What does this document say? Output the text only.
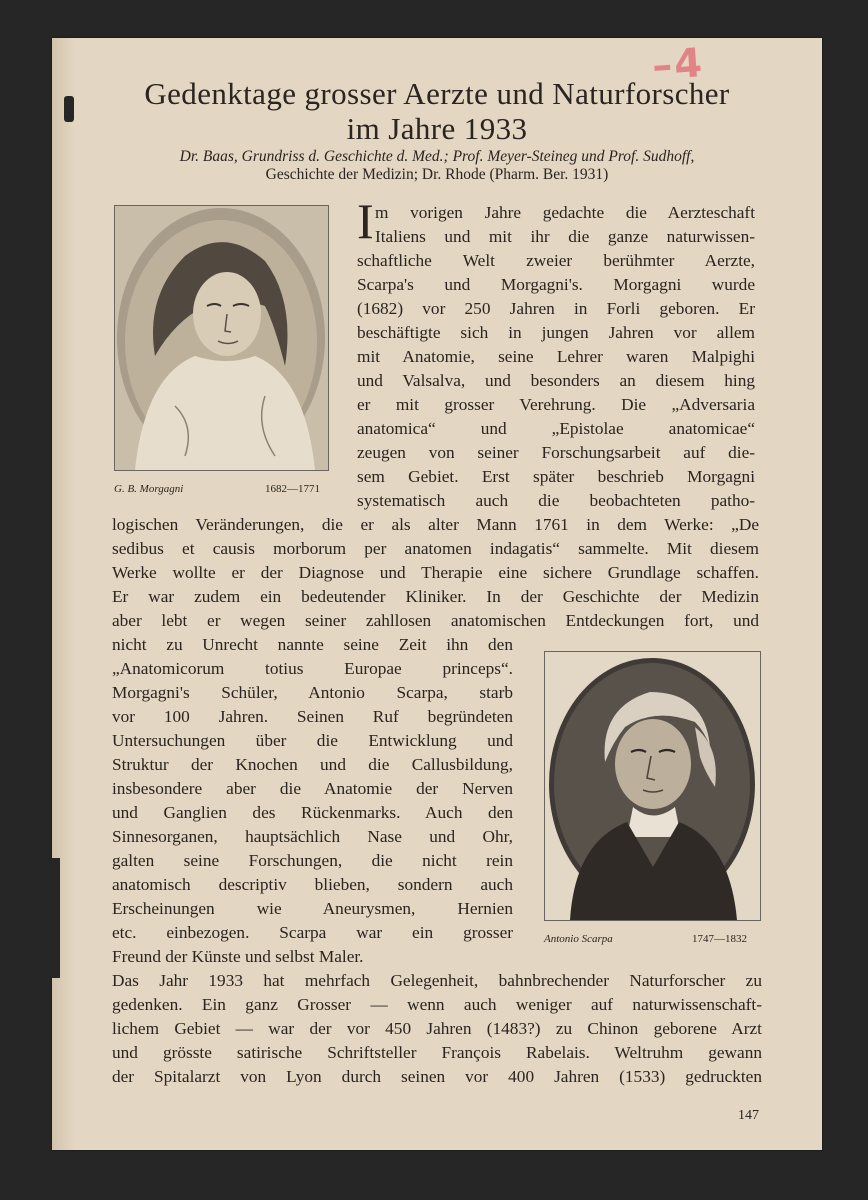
–4
Gedenktage grosser Aerzte und Naturforscher
im Jahre 1933
Dr. Baas, Grundriss d. Geschichte d. Med.; Prof. Meyer-Steineg und Prof. Sudhoff,
Geschichte der Medizin; Dr. Rhode (Pharm. Ber. 1931)
G. B. Morgagni	1682—1771
I m vorigen Jahre gedachte die Aerzteschaft
Italiens und mit ihr die ganze naturwissen-
schaftliche Welt zweier berühmter Aerzte,
Scarpa's und Morgagni's. Morgagni wurde
(1682) vor 250 Jahren in Forli geboren. Er
beschäftigte sich in jungen Jahren vor allem
mit Anatomie, seine Lehrer waren Malpighi
und Valsalva, und besonders an diesem hing
er mit grosser Verehrung. Die „Adversaria
anatomica“ und „Epistolae anatomicae“
zeugen von seiner Forschungsarbeit auf die-
sem Gebiet. Erst später beschrieb Morgagni
systematisch auch die beobachteten patho-
logischen Veränderungen, die er als alter Mann 1761 in dem Werke: „De
sedibus et causis morborum per anatomen indagatis“ sammelte. Mit diesem
Werke wollte er der Diagnose und Therapie eine sichere Grundlage schaffen.
Er war zudem ein bedeutender Kliniker. In der Geschichte der Medizin
aber lebt er wegen seiner zahllosen anatomischen Entdeckungen fort, und
nicht zu Unrecht nannte seine Zeit ihn den
„Anatomicorum totius Europae princeps“.
Morgagni's Schüler, Antonio Scarpa, starb
vor 100 Jahren. Seinen Ruf begründeten
Untersuchungen über die Entwicklung und
Struktur der Knochen und die Callusbildung,
insbesondere aber die Anatomie der Nerven
und Ganglien des Rückenmarks. Auch den
Sinnesorganen, hauptsächlich Nase und Ohr,
galten seine Forschungen, die nicht rein
anatomisch descriptiv blieben, sondern auch
Erscheinungen wie Aneurysmen, Hernien
etc. einbezogen. Scarpa war ein grosser
Freund der Künste und selbst Maler.
Antonio Scarpa	1747—1832
Das Jahr 1933 hat mehrfach Gelegenheit, bahnbrechender Naturforscher zu
gedenken. Ein ganz Grosser — wenn auch weniger auf naturwissenschaft-
lichem Gebiet — war der vor 450 Jahren (1483?) zu Chinon geborene Arzt
und grösste satirische Schriftsteller François Rabelais. Weltruhm gewann
der Spitalarzt von Lyon durch seinen vor 400 Jahren (1533) gedruckten
147
